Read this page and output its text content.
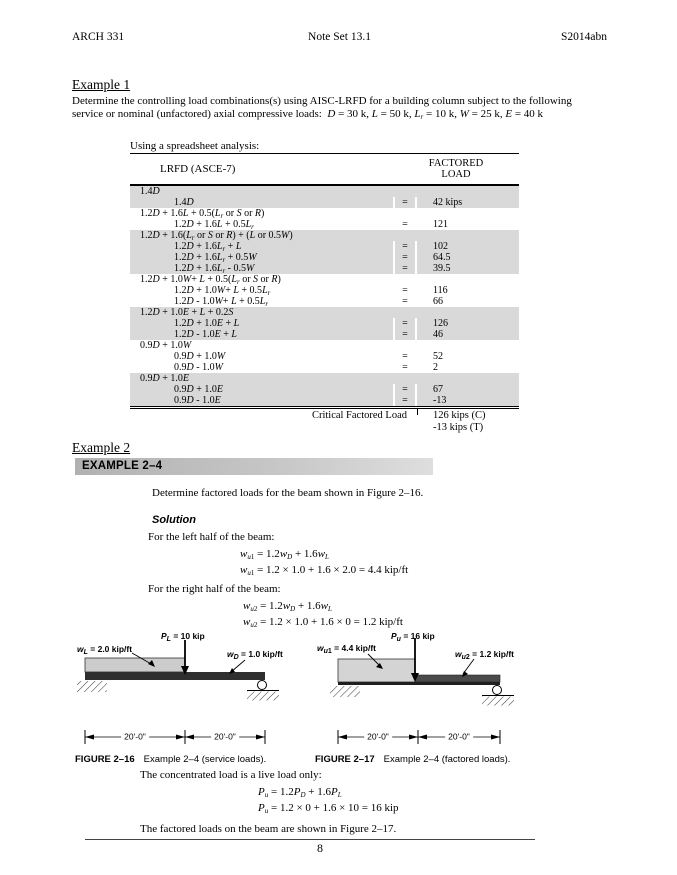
ARCH 331	Note Set 13.1	S2014abn
Example 1
Determine the controlling load combinations(s) using AISC-LRFD for a building column subject to the following
service or nominal (unfactored) axial compressive loads:  D = 30 k, L = 50 k, $L_r = 10$ k, W = 25 k, E = 40 k
Using a spreadsheet analysis:
LRFD (ASCE-7)	FACTORED
LOAD
1.4D
1.4D	=	42 kips
$1.2D + 1.6L + 0.5(L_r$ or S or R)
$1.2D + 1.6L + 0.5L_r$	=	121
$1.2D + 1.6(L_r$ or S or R) + (L or 0.5W)
$1.2D + 1.6L_r + L$	=	102
$1.2D + 1.6L_r + 0.5W$	=	64.5
$1.2D + 1.6L_r - 0.5W$	=	39.5
$1.2D + 1.0W+ L + 0.5(L_r$ or S or R)
$1.2D + 1.0W+ L + 0.5L_r$	=	116
$1.2D - 1.0W+ L + 0.5L_r$	=	66
1.2D + 1.0E + L + 0.2S
1.2D + 1.0E + L	=	126
1.2D - 1.0E + L	=	46
0.9D + 1.0W
0.9D + 1.0W	=	52
0.9D - 1.0W	=	2
0.9D + 1.0E
0.9D + 1.0E	=	67
0.9D - 1.0E	=	-13
Critical Factored Load 126 kips (C)
-13 kips (T)
Example 2
EXAMPLE 2–4
Determine factored loads for the beam shown in Figure 2–16.
Solution
For the left half of the beam:
$w_{u1} = 1.2w_D + 1.6w_L$
$w_{u1} = 1.2 \times 1.0 + 1.6 \times 2.0 = 4.4$ kip/ft
For the right half of the beam:
$w_{u2} = 1.2w_D + 1.6w_L$
$w_{u2} = 1.2 \times 1.0 + 1.6 \times 0 = 1.2$ kip/ft
$w_L = 2.0$ kip/ft
$P_L = 10$ kip
$w_D = 1.0$ kip/ft
20'-0"	20'-0"
FIGURE 2–16 Example 2–4 (service loads).
$w_{u1} = 4.4$ kip/ft
$P_u = 16$ kip
$w_{u2} = 1.2$ kip/ft
20'-0"	20'-0"
FIGURE 2–17 Example 2–4 (factored loads).
The concentrated load is a live load only:
$P_u = 1.2P_D + 1.6P_L$
$P_u = 1.2 \times 0 + 1.6 \times 10 = 16$ kip
The factored loads on the beam are shown in Figure 2–17.
8
